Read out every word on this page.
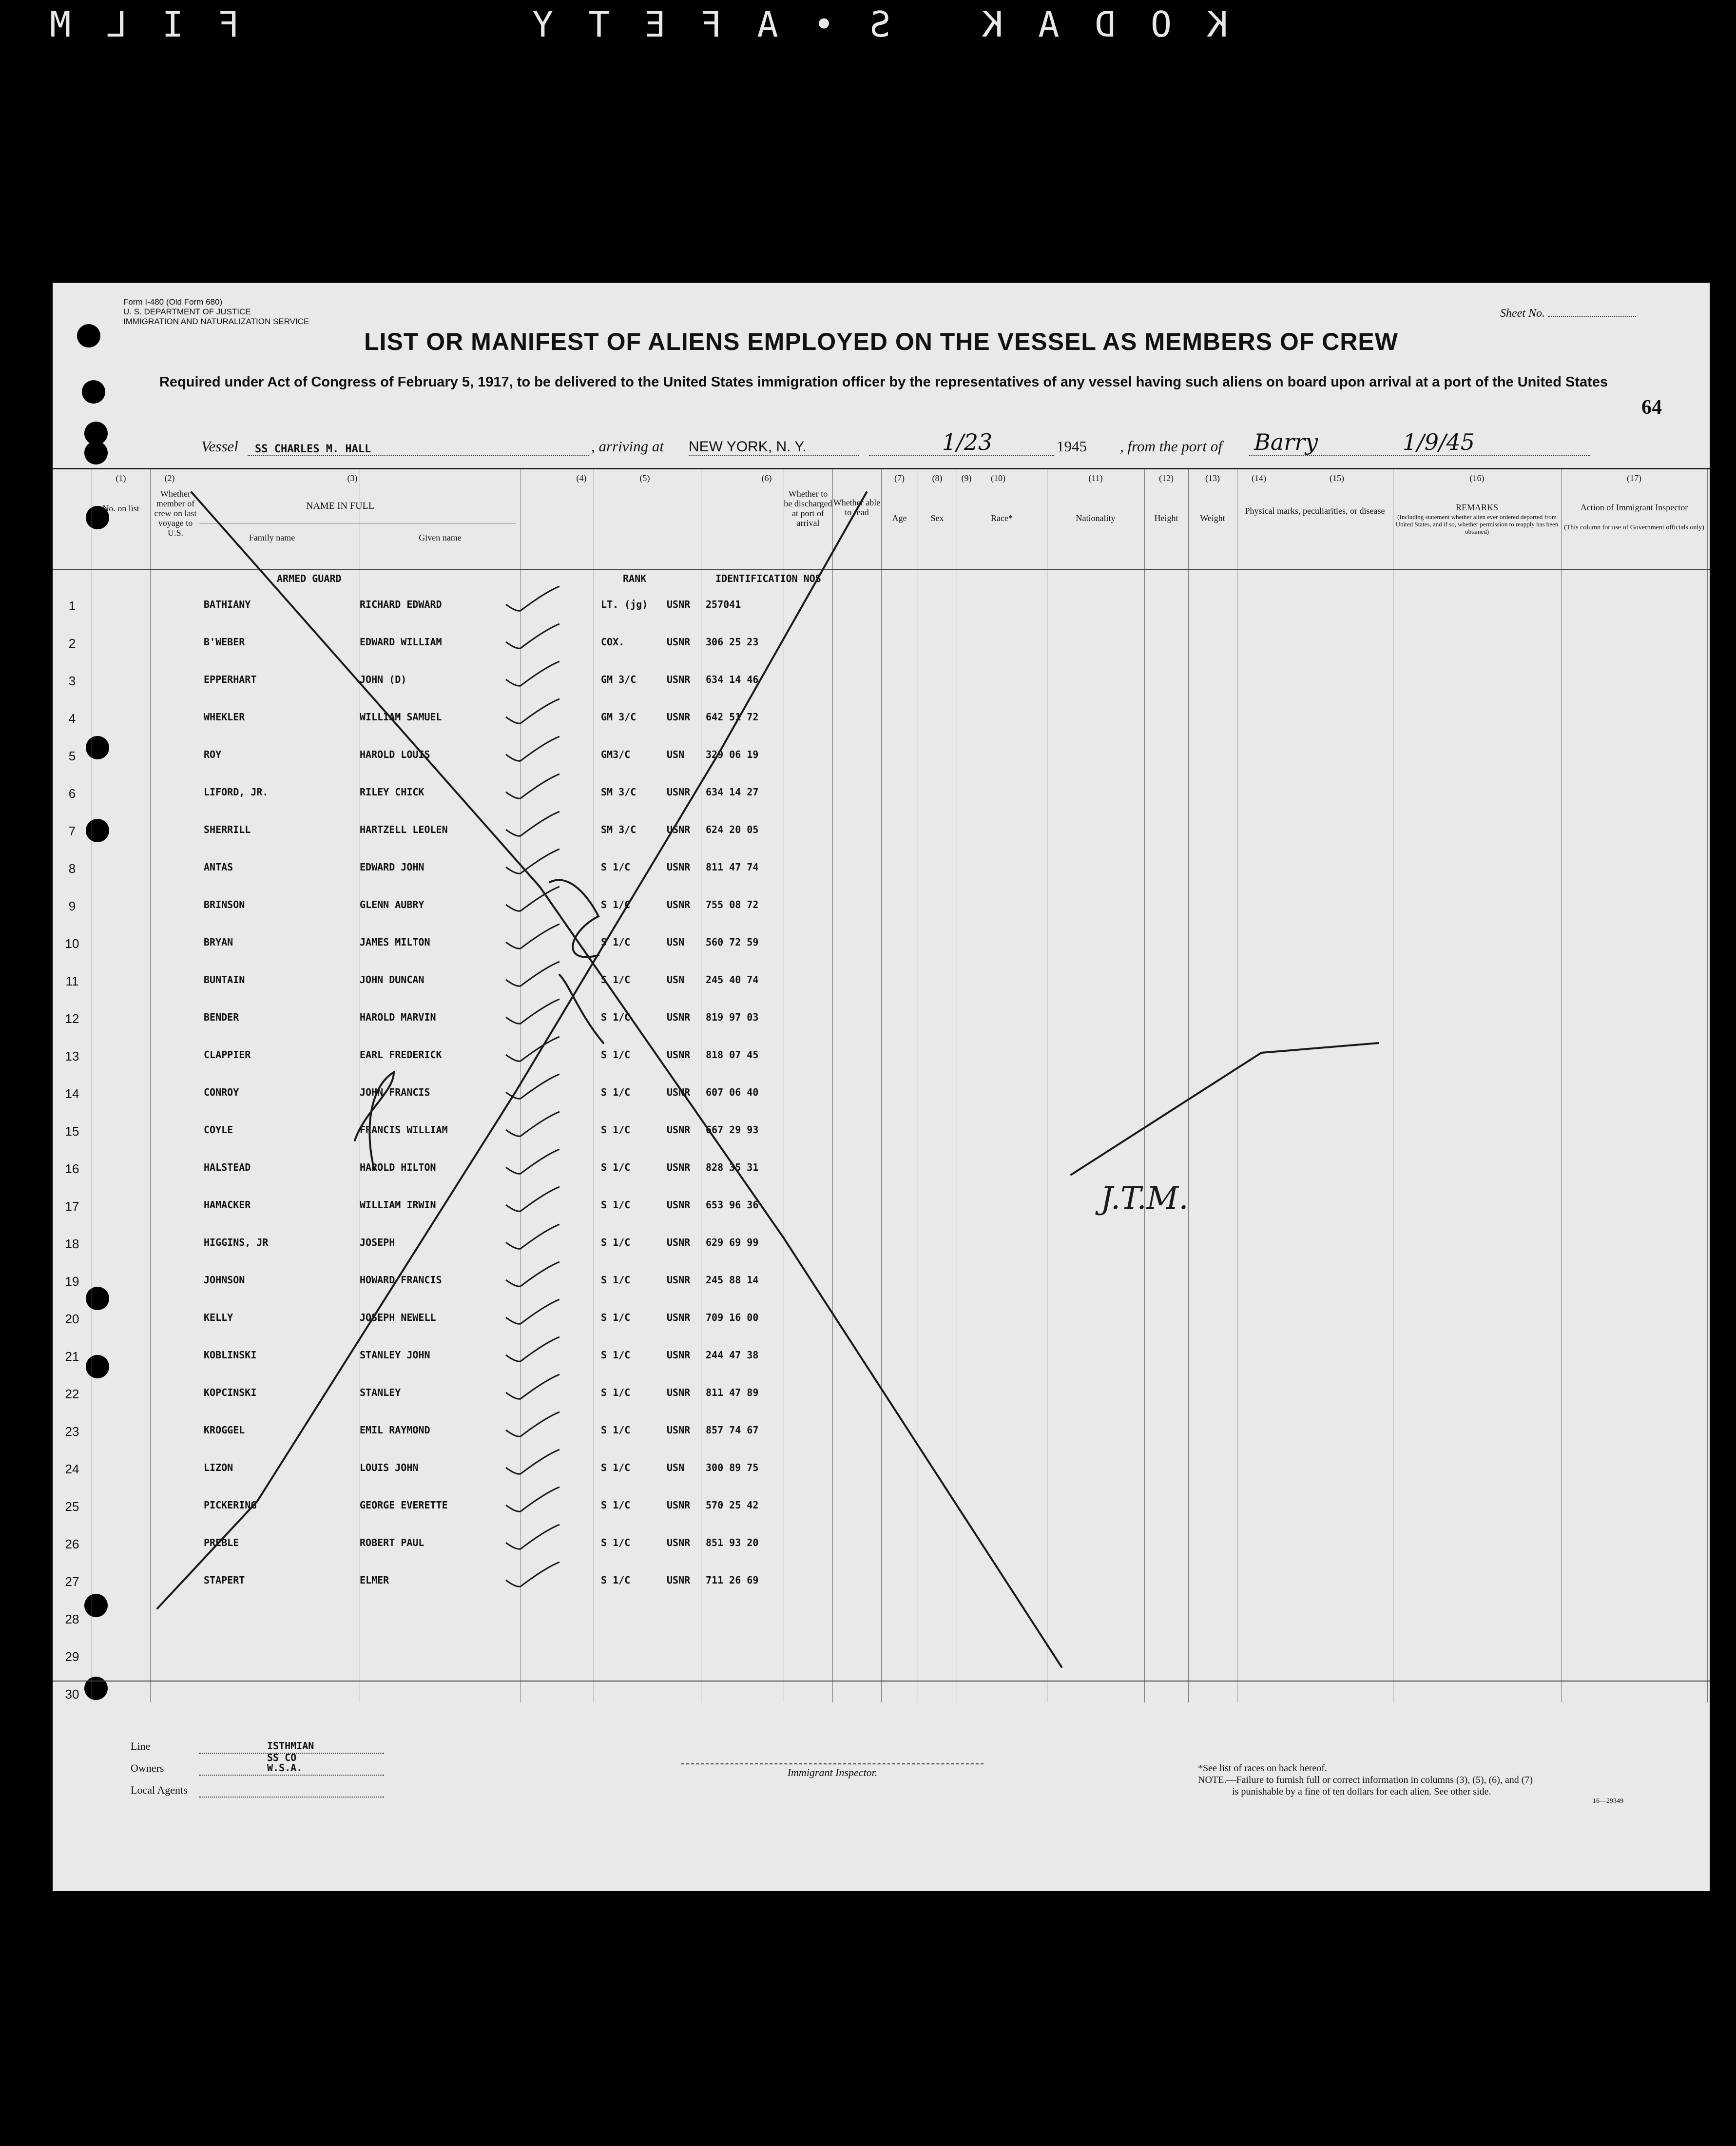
FILM	KODAK S•AFETY
Form I-480 (Old Form 680)
U. S. DEPARTMENT OF JUSTICE
IMMIGRATION AND NATURALIZATION SERVICE
Sheet No.
LIST OR MANIFEST OF ALIENS EMPLOYED ON THE VESSEL AS MEMBERS OF CREW
Required under Act of Congress of February 5, 1917, to be delivered to the United States immigration officer by the representatives of any vessel having such aliens on board upon arrival at a port of the United States
64
Vessel SS CHARLES M. HALL	, arriving at NEW YORK, N. Y.	1/23	1945 , from the port of Barry	1/9/45
(1)	(2)	(3)	(4)	(5)	(6)	(7)	(8)	(9)	(10)	(11)	(12)	(13)	(14)	(15)	(16)	(17)
No. on list
Whether member of crew on last voyage to U.S.
NAME IN FULL
Family name	Given name
Whether to be discharged at port of arrival
Whether able to read
Age	Sex	Race*	Nationality	Height	Weight
Physical marks, peculiarities, or disease	REMARKS
(Including statement whether alien ever ordered deported from United States, and if so, whether permission to reapply has been obtained)
Action of Immigrant Inspector
(This column for use of Government officials only)
ARMED GUARD	RANK	IDENTIFICATION NOS
1	BATHIANY	RICHARD EDWARD	LT. (jg) USNR 257041
2	B'WEBER	EDWARD WILLIAM	COX.	USNR 306 25 23
3	EPPERHART	JOHN (D)	GM 3/C	USNR 634 14 46
4	WHEKLER	WILLIAM SAMUEL	GM 3/C	USNR 642 51 72
5	ROY	HAROLD LOUIS	GM3/C	USN 329 06 19
6	LIFORD, JR.	RILEY CHICK	SM 3/C	USNR 634 14 27
7	SHERRILL	HARTZELL LEOLEN	SM 3/C	USNR 624 20 05
8	ANTAS	EDWARD JOHN	S 1/C	USNR 811 47 74
9	BRINSON	GLENN AUBRY	S 1/C	USNR 755 08 72
10	BRYAN	JAMES MILTON	S 1/C	USN 560 72 59
11	BUNTAIN	JOHN DUNCAN	S 1/C	USN 245 40 74
12	BENDER	HAROLD MARVIN	S 1/C	USNR 819 97 03
13	CLAPPIER	EARL FREDERICK	S 1/C	USNR 818 07 45
14	CONROY	JOHN FRANCIS	S 1/C	USNR 607 06 40
15	COYLE	FRANCIS WILLIAM	S 1/C	USNR 667 29 93
16	HALSTEAD	HAROLD HILTON	S 1/C	USNR 828 35 31
17	HAMACKER	WILLIAM IRWIN	S 1/C	USNR 653 96 36
18	HIGGINS, JR	JOSEPH	S 1/C	USNR 629 69 99
19	JOHNSON	HOWARD FRANCIS	S 1/C	USNR 245 88 14
20	KELLY	JOSEPH NEWELL	S 1/C	USNR 709 16 00
21	KOBLINSKI	STANLEY JOHN	S 1/C	USNR 244 47 38
22	KOPCINSKI	STANLEY	S 1/C	USNR 811 47 89
23	KROGGEL	EMIL RAYMOND	S 1/C	USNR 857 74 67
24	LIZON	LOUIS JOHN	S 1/C	USN 300 89 75
25	PICKERING	GEORGE EVERETTE	S 1/C	USNR 570 25 42
26	PREBLE	ROBERT PAUL	S 1/C	USNR 851 93 20
27	STAPERT	ELMER	S 1/C	USNR 711 26 69
28
29
30
Line	ISTHMIAN SS CO
Owners	W.S.A.
Local Agents
Immigrant Inspector.	*See list of races on back hereof.
NOTE.—Failure to furnish full or correct information in columns (3), (5), (6), and (7)
is punishable by a fine of ten dollars for each alien. See other side.
16—29349
J.T.M.
